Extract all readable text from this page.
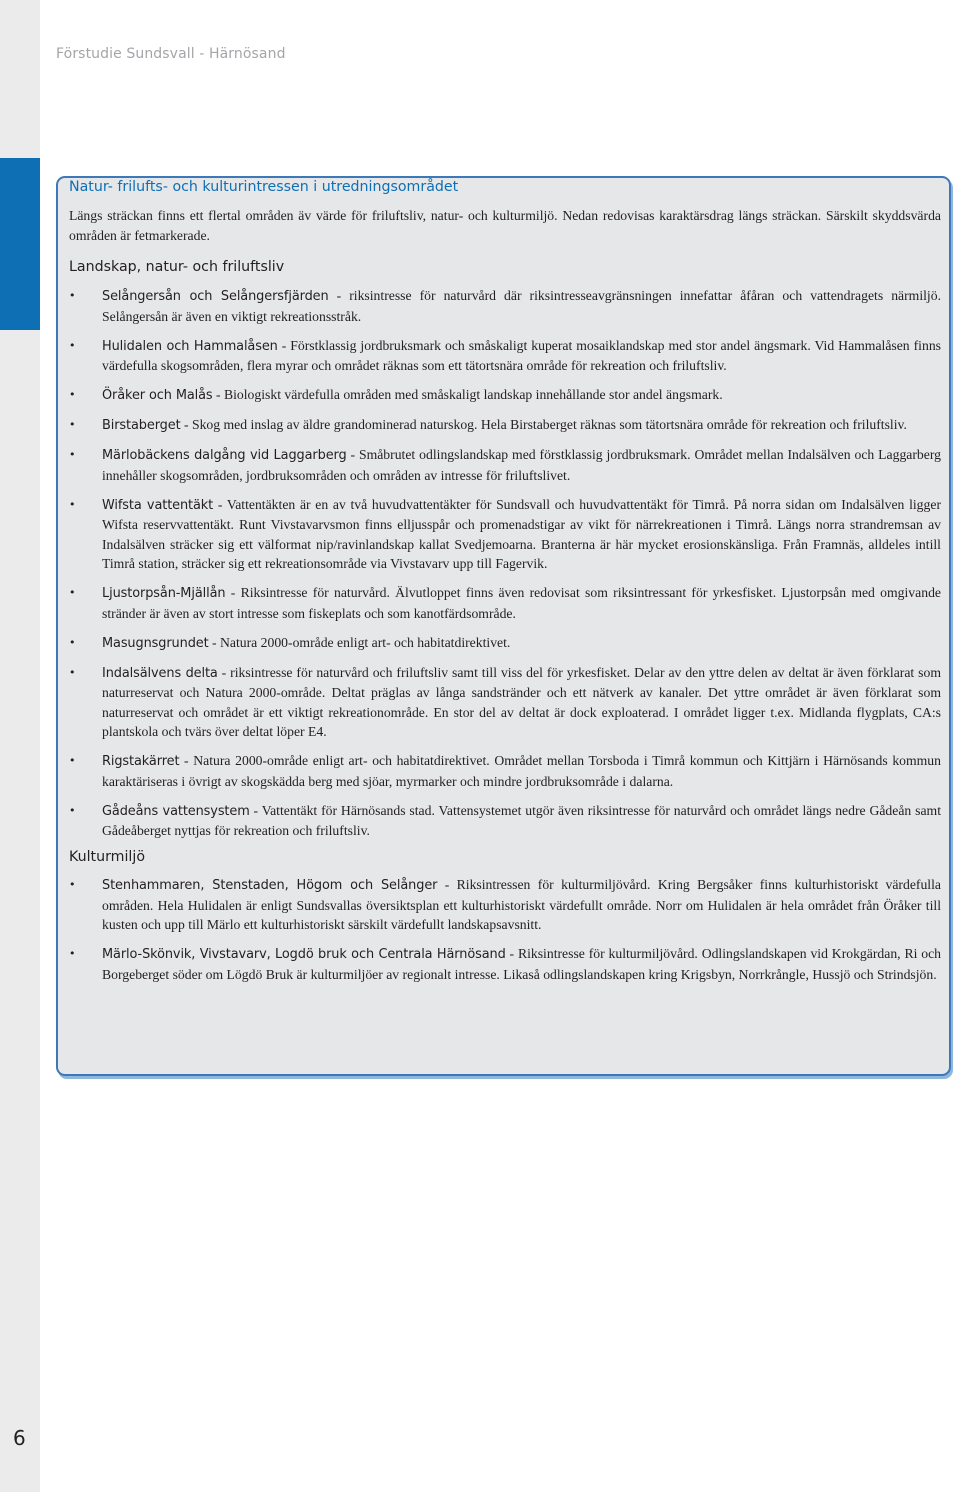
Förstudie Sundsvall - Härnösand
6
Natur- frilufts- och kulturintressen i utredningsområdet
Längs sträckan finns ett flertal områden äv värde för friluftsliv, natur- och kulturmiljö. Nedan redovisas karaktärsdrag längs sträckan. Särskilt skyddsvärda områden är fetmarkerade.
Landskap, natur- och friluftsliv
• Selångersån och Selångersfjärden - riksintresse för naturvård där riksintresseavgränsningen innefattar åfåran och vattendragets närmiljö. Selångersån är även en viktigt rekreationsstråk.
• Hulidalen och Hammalåsen - Förstklassig jordbruksmark och småskaligt kuperat mosaiklandskap med stor andel ängsmark. Vid Hammalåsen finns värdefulla skogsområden, flera myrar och området räknas som ett tätortsnära område för rekreation och friluftsliv.
• Öråker och Malås - Biologiskt värdefulla områden med småskaligt landskap innehållande stor andel ängsmark.
• Birstaberget - Skog med inslag av äldre grandominerad naturskog. Hela Birstaberget räknas som tätortsnära område för rekreation och friluftsliv.
• Märlobäckens dalgång vid Laggarberg - Småbrutet odlingslandskap med förstklassig jordbruksmark. Området mellan Indalsälven och Laggarberg innehåller skogsområden, jordbruksområden och områden av intresse för friluftslivet.
• Wifsta vattentäkt - Vattentäkten är en av två huvudvattentäkter för Sundsvall och huvudvattentäkt för Timrå. På norra sidan om Indalsälven ligger Wifsta reservvattentäkt. Runt Vivstavarvsmon finns elljusspår och promenadstigar av vikt för närrekreationen i Timrå. Längs norra strandremsan av Indalsälven sträcker sig ett välformat nip/ravinlandskap kallat Svedjemoarna. Branterna är här mycket erosionskänsliga. Från Framnäs, alldeles intill Timrå station, sträcker sig ett rekreationsområde via Vivstavarv upp till Fagervik.
• Ljustorpsån-Mjällån - Riksintresse för naturvård. Älvutloppet finns även redovisat som riksintressant för yrkesfisket. Ljustorpsån med omgivande stränder är även av stort intresse som fiskeplats och som kanotfärdsområde.
• Masugnsgrundet - Natura 2000-område enligt art- och habitatdirektivet.
• Indalsälvens delta - riksintresse för naturvård och friluftsliv samt till viss del för yrkesfisket. Delar av den yttre delen av deltat är även förklarat som naturreservat och Natura 2000-område. Deltat präglas av långa sandstränder och ett nätverk av kanaler. Det yttre området är även förklarat som naturreservat och området är ett viktigt rekreationområde. En stor del av deltat är dock exploaterad. I området ligger t.ex. Midlanda flygplats, CA:s plantskola och tvärs över deltat löper E4.
• Rigstakärret - Natura 2000-område enligt art- och habitatdirektivet. Området mellan Torsboda i Timrå kommun och Kittjärn i Härnösands kommun karaktäriseras i övrigt av skogskädda berg med sjöar, myrmarker och mindre jordbruksområde i dalarna.
• Gådeåns vattensystem - Vattentäkt för Härnösands stad. Vattensystemet utgör även riksintresse för naturvård och området längs nedre Gådeån samt Gådeåberget nyttjas för rekreation och friluftsliv.
Kulturmiljö
• Stenhammaren, Stenstaden, Högom och Selånger - Riksintressen för kulturmiljövård. Kring Bergsåker finns kulturhistoriskt värdefulla områden. Hela Hulidalen är enligt Sundsvallas översiktsplan ett kulturhistoriskt värdefullt område. Norr om Hulidalen är hela området från Öråker till kusten och upp till Märlo ett kulturhistoriskt särskilt värdefullt landskapsavsnitt.
• Märlo-Skönvik, Vivstavarv, Logdö bruk och Centrala Härnösand - Riksintresse för kulturmiljövård. Odlingslandskapen vid Krokgärdan, Ri och Borgeberget söder om Lögdö Bruk är kulturmiljöer av regionalt intresse. Likaså odlingslandskapen kring Krigsbyn, Norrkrångle, Hussjö och Strindsjön.
